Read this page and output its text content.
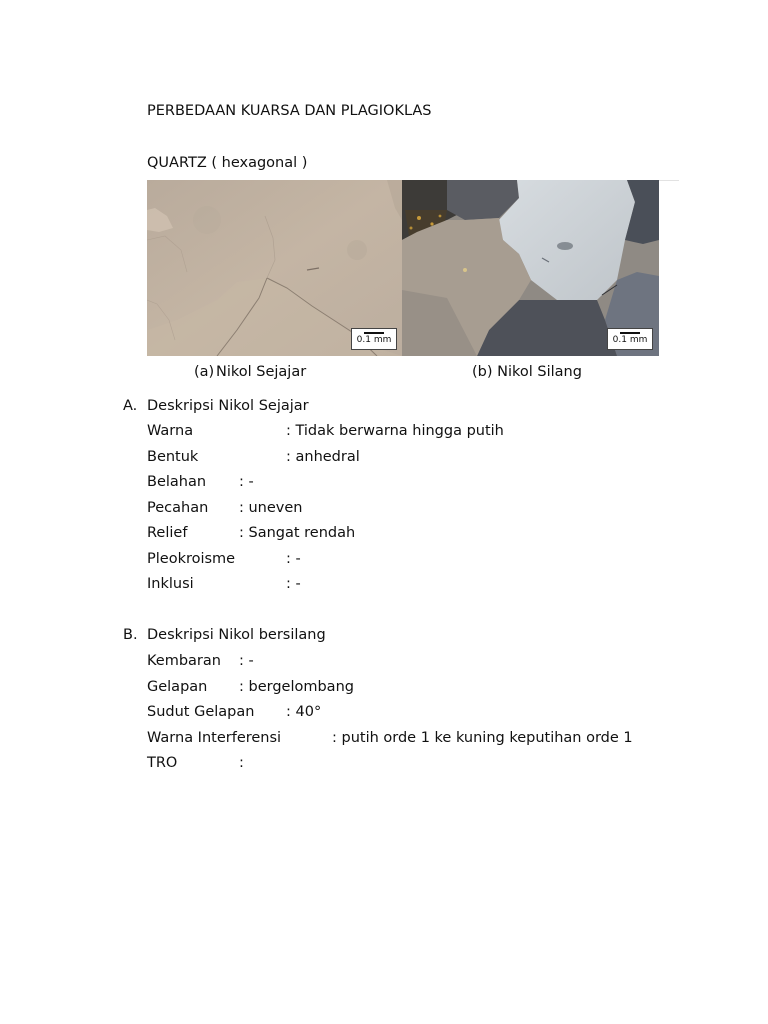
PERBEDAAN KUARSA DAN PLAGIOKLAS
QUARTZ ( hexagonal )
0.1 mm	0.1 mm
(a) Nikol Sejajar	(b) Nikol Silang
A. Deskripsi Nikol Sejajar
Warna	: Tidak berwarna hingga putih
Bentuk	: anhedral
Belahan : -
Pecahan : uneven
Relief	: Sangat rendah
Pleokroisme	: -
Inklusi	: -
B. Deskripsi Nikol bersilang
Kembaran : -
Gelapan : bergelombang
Sudut Gelapan : 40°
Warna Interferensi	: putih orde 1 ke kuning keputihan orde 1
TRO	:
